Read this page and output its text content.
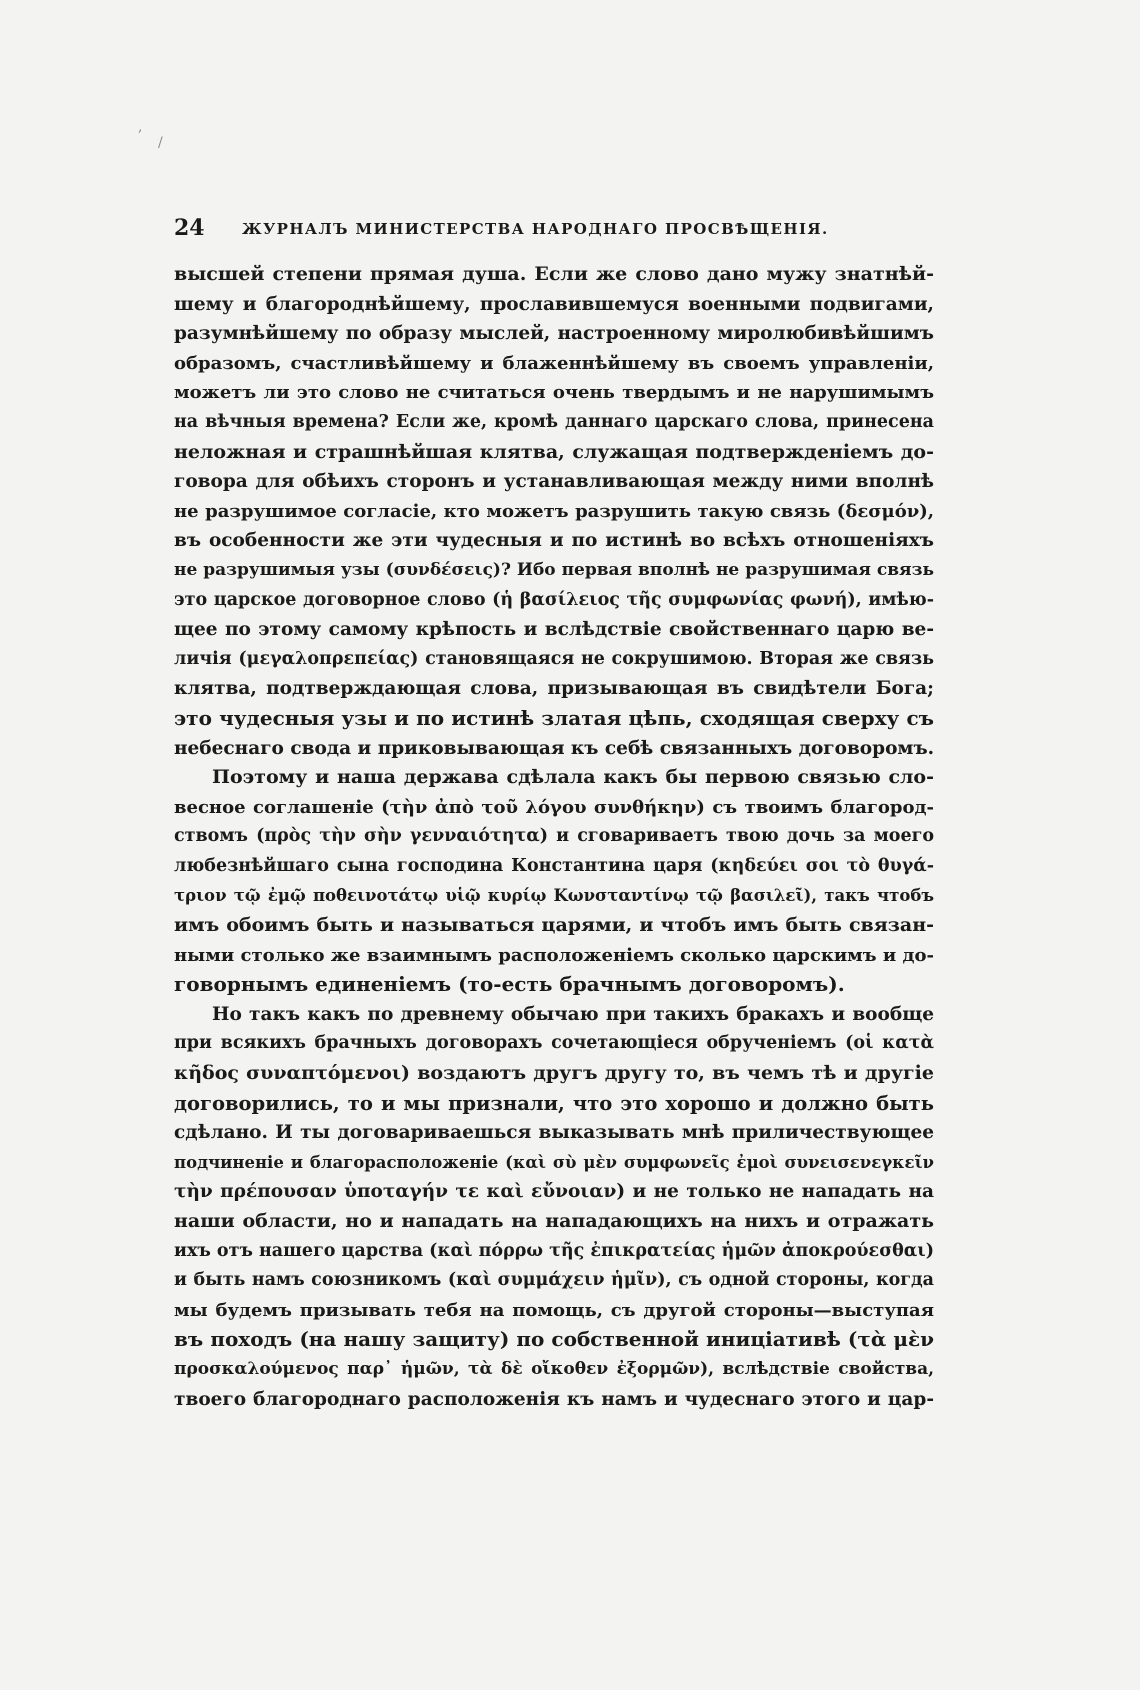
,
/
24 ЖУРНАЛЪ МИНИСТЕРСТВА НАРОДНАГО ПРОСВѢЩЕНІЯ.
высшей степени прямая душа. Если же слово дано мужу знатнѣй-
шему и благороднѣйшему, прославившемуся военными подвигами,
разумнѣйшему по образу мыслей, настроенному миролюбивѣйшимъ
образомъ, счастливѣйшему и блаженнѣйшему въ своемъ управленіи,
можетъ ли это слово не считаться очень твердымъ и не нарушимымъ
на вѣчныя времена? Если же, кромѣ даннаго царскаго слова, принесена
неложная и страшнѣйшая клятва, служащая подтвержденіемъ до-
говора для обѣихъ сторонъ и устанавливающая между ними вполнѣ
не разрушимое согласіе, кто можетъ разрушить такую связь (δεσμόν),
въ особенности же эти чудесныя и по истинѣ во всѣхъ отношеніяхъ
не разрушимыя узы (συνδέσεις)? Ибо первая вполнѣ не разрушимая связь
это царское договорное слово (ἡ βασίλειος τῆς συμφωνίας φωνή), имѣю-
щее по этому самому крѣпость и вслѣдствіе свойственнаго царю ве-
личія (μεγαλοπρεπείας) становящаяся не сокрушимою. Вторая же связь
клятва, подтверждающая слова, призывающая въ свидѣтели Бога;
это чудесныя узы и по истинѣ златая цѣпь, сходящая сверху съ
небеснаго свода и приковывающая къ себѣ связанныхъ договоромъ.
Поэтому и наша держава сдѣлала какъ бы первою связью сло-
весное соглашеніе (τὴν ἀπὸ τοῦ λόγου συνθήκην) съ твоимъ благород-
ствомъ (πρὸς τὴν σὴν γενναιότητα) и сговариваетъ твою дочь за моего
любезнѣйшаго сына господина Константина царя (κηδεύει σοι τὸ θυγά-
τριον τῷ ἐμῷ ποθεινοτάτῳ υἱῷ κυρίῳ Κωνσταντίνῳ τῷ βασιλεῖ), такъ чтобъ
имъ обоимъ быть и называться царями, и чтобъ имъ быть связан-
ными столько же взаимнымъ расположеніемъ сколько царскимъ и до-
говорнымъ единеніемъ (то-есть брачнымъ договоромъ).
Но такъ какъ по древнему обычаю при такихъ бракахъ и вообще
при всякихъ брачныхъ договорахъ сочетающіеся обрученіемъ (οἱ κατὰ
κῆδος συναπτόμενοι) воздаютъ другъ другу то, въ чемъ тѣ и другіе
договорились, то и мы признали, что это хорошо и должно быть
сдѣлано. И ты договариваешься выказывать мнѣ приличествующее
подчиненіе и благорасположеніе (καὶ σὺ μὲν συμφωνεῖς ἐμοὶ συνεισενεγκεῖν
τὴν πρέπουσαν ὑποταγήν τε καὶ εὔνοιαν) и не только не нападать на
наши области, но и нападать на нападающихъ на нихъ и отражать
ихъ отъ нашего царства (καὶ πόρρω τῆς ἐπικρατείας ἡμῶν ἀποκρούεσθαι)
и быть намъ союзникомъ (καὶ συμμάχειν ἡμῖν), съ одной стороны, когда
мы будемъ призывать тебя на помощь, съ другой стороны—выступая
въ походъ (на нашу защиту) по собственной иниціативѣ (τὰ μὲν
προσκαλούμενος παρ᾽ ἡμῶν, τὰ δὲ οἴκοθεν ἐξορμῶν), вслѣдствіе свойства,
твоего благороднаго расположенія къ намъ и чудеснаго этого и цар-
